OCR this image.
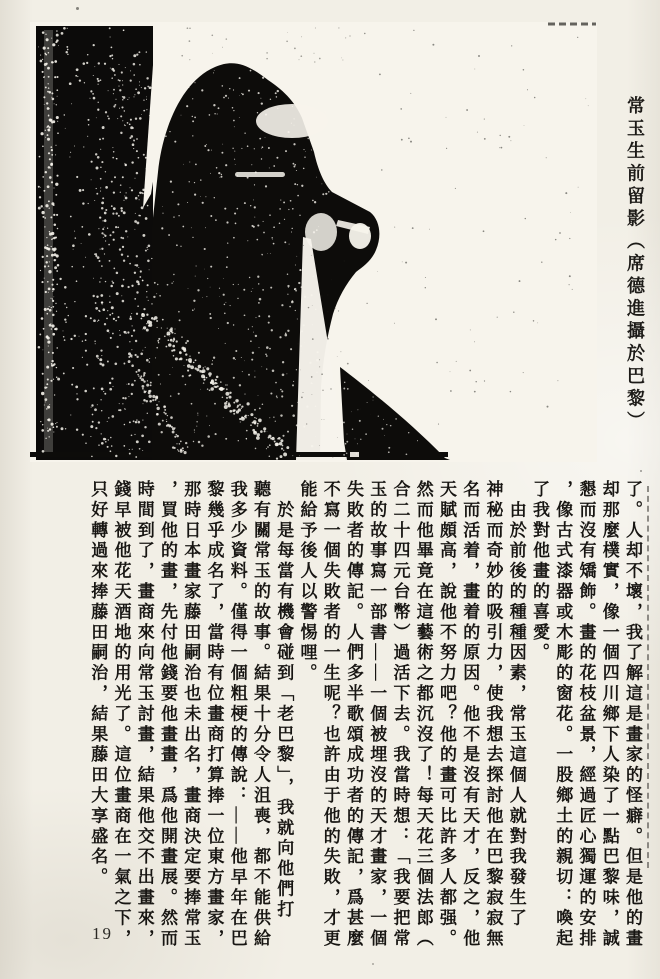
常玉生前留影（席德進攝於巴黎）
了。人却不壞，我了解這是畫家的怪癖。但是他的畫
却那麼樸實，像一個四川鄉下人染了一點巴黎味，誠
懇而沒有矯飾。畫的花枝盆景，經過匠心獨運的安排
，像古式漆器或木彫的窗花。一股鄉土的親切：喚起
了我對他畫的喜愛。
　由於前後的種種因素，常玉這個人就對我發生了
神秘而奇妙的吸引力，使我想去探討他在巴黎寂寂無
名而活着，畫着的原因。他不是沒有天才，反之，他
天賦頗高，說他不努力吧？他的畫可比許多人都强。
然而他畢竟在這藝術之都沉沒了！每天花三個法郎（
合二十四元台幣）過活下去。我當時想：「我要把常
玉的故事寫一部書——一個被埋沒的天才畫家，一個
失敗者的傳記。人們多半歌頌成功者的傳記，爲甚麼
不寫一個失敗者的一生呢？也許由于他的失敗，才更
能給予後人以警惕哩。
　於是每當有機會碰到「老巴黎」，我就向他們打
聽有關常玉的故事。結果十分令人沮喪，都不能供給
我多少資料。僅得一個粗梗的傳說：——他早年在巴
黎幾乎成名了，當時有位畫商打算捧一位東方畫家，
那時日本畫家藤田嗣治也未出名，畫商決定要捧常玉
，買他的畫，先付他錢要他畫畫，爲他開畫展。然而
時間到了，畫商來向常玉討畫，結果他交不出畫來，
錢早被他花天酒地的用光了。這位畫商在一氣之下，
只好轉過來捧藤田嗣治，結果藤田大享盛名。
19
